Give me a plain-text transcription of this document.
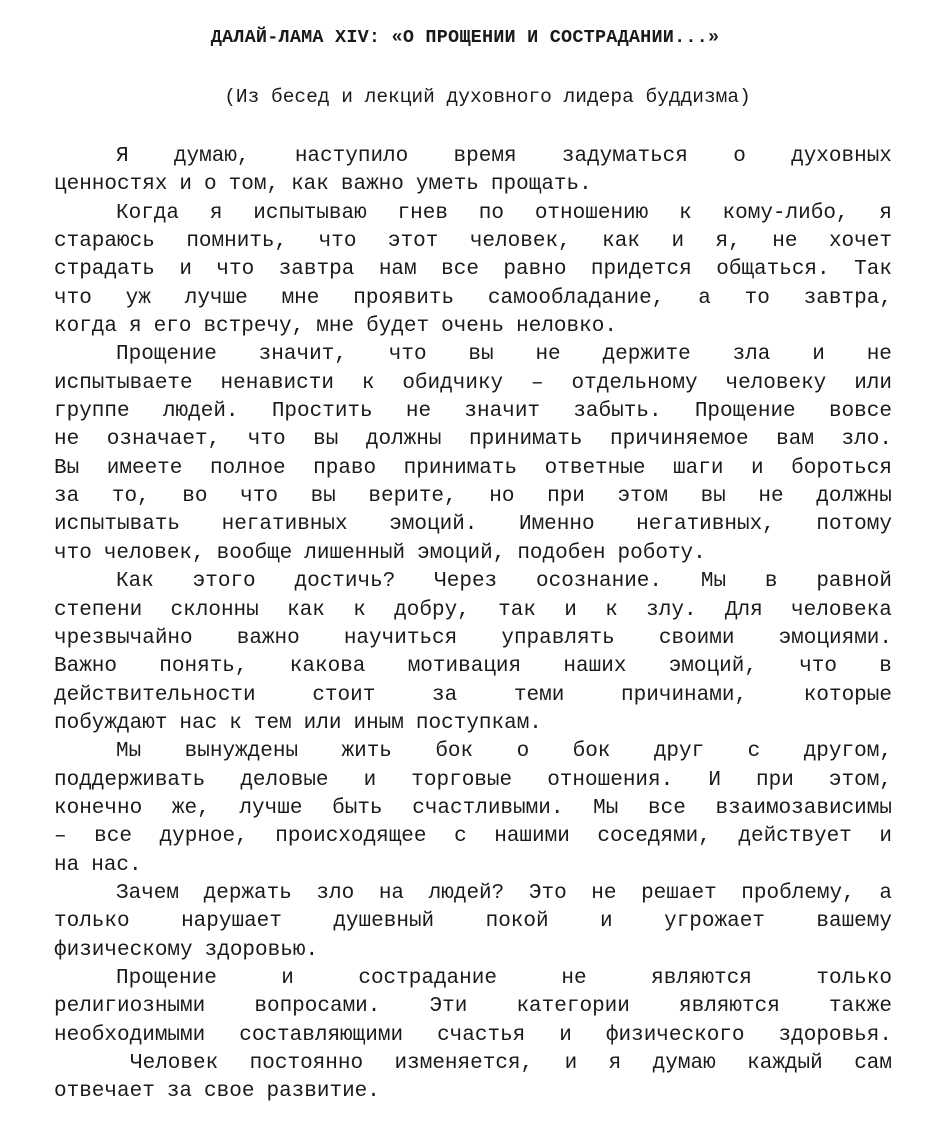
ДАЛАЙ-ЛАМА XIV: «О ПРОЩЕНИИ И СОСТРАДАНИИ...»
(Из бесед и лекций духовного лидера буддизма)
Я думаю, наступило время задуматься о духовных
ценностях и о том, как важно уметь прощать.
Когда я испытываю гнев по отношению к кому-либо, я
стараюсь помнить, что этот человек, как и я, не хочет
страдать и что завтра нам все равно придется общаться. Так
что уж лучше мне проявить самообладание, а то завтра,
когда я его встречу, мне будет очень неловко.
Прощение значит, что вы не держите зла и не
испытываете ненависти к обидчику – отдельному человеку или
группе людей. Простить не значит забыть. Прощение вовсе
не означает, что вы должны принимать причиняемое вам зло.
Вы имеете полное право принимать ответные шаги и бороться
за то, во что вы верите, но при этом вы не должны
испытывать негативных эмоций. Именно негативных, потому
что человек, вообще лишенный эмоций, подобен роботу.
Как этого достичь? Через осознание. Мы в равной
степени склонны как к добру, так и к злу. Для человека
чрезвычайно важно научиться управлять своими эмоциями.
Важно понять, какова мотивация наших эмоций, что в
действительности	стоит	за	теми	причинами,	которые
побуждают нас к тем или иным поступкам.
Мы вынуждены жить бок о бок друг с другом,
поддерживать деловые и торговые отношения. И при этом,
конечно же, лучше быть счастливыми. Мы все взаимозависимы
– все дурное, происходящее с нашими соседями, действует и
на нас.
Зачем держать зло на людей? Это не решает проблему, а
только нарушает душевный покой и угрожает вашему
физическому здоровью.
Прощение	и	сострадание	не	являются	только
религиозными вопросами. Эти категории являются также
необходимыми составляющими счастья и физического здоровья.
Человек постоянно изменяется, и я думаю каждый сам
отвечает за свое развитие.
